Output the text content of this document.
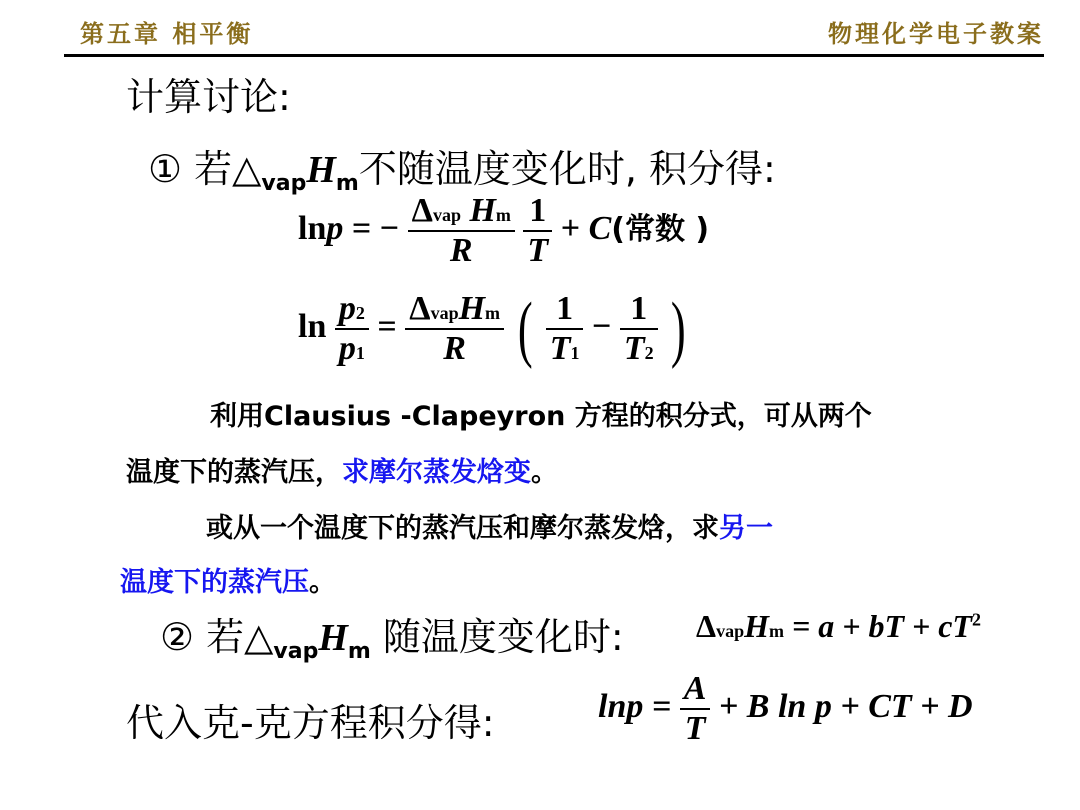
第五章 相平衡	物理化学电子教案
计算讨论:
① 若$\triangle_{vap}H_m$不随温度变化时, 积分得:
lnp = − $\frac{\text{Δvap Hm}}{R}$
$\frac{1}{T} + C$(常数 )
$\ln \frac{p2}{p1} = \frac{\text{ΔvapHm}}{R}$ ( $\frac{1}{T1} - \frac{1}{T2}$ )
利用Clausius -Clapeyron 方程的积分式，可从两个
温度下的蒸汽压，求摩尔蒸发焓变。
或从一个温度下的蒸汽压和摩尔蒸发焓，求另一
温度下的蒸汽压。
② 若$\triangle_{vap}H_m$ 随温度变化时: ΔvapHm = a + bT + $cT^2$
代入克-克方程积分得:	$\ln p = \frac{A}{T} + B$ ln p + CT + D
